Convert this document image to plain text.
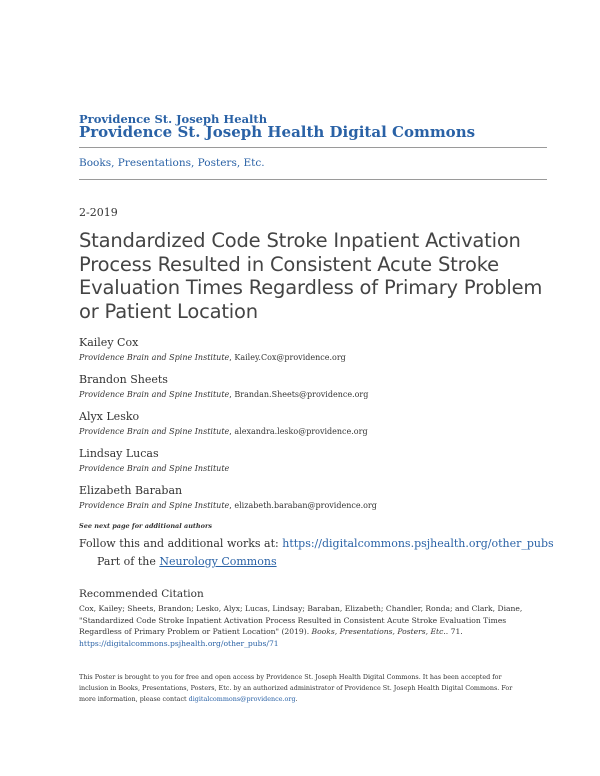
Providence St. Joseph Health
Providence St. Joseph Health Digital Commons
Books, Presentations, Posters, Etc.
2-2019
Standardized Code Stroke Inpatient Activation Process Resulted in Consistent Acute Stroke Evaluation Times Regardless of Primary Problem or Patient Location
Kailey Cox
Providence Brain and Spine Institute, Kailey.Cox@providence.org
Brandon Sheets
Providence Brain and Spine Institute, Brandan.Sheets@providence.org
Alyx Lesko
Providence Brain and Spine Institute, alexandra.lesko@providence.org
Lindsay Lucas
Providence Brain and Spine Institute
Elizabeth Baraban
Providence Brain and Spine Institute, elizabeth.baraban@providence.org
See next page for additional authors
Follow this and additional works at: https://digitalcommons.psjhealth.org/other_pubs
Part of the Neurology Commons
Recommended Citation
Cox, Kailey; Sheets, Brandon; Lesko, Alyx; Lucas, Lindsay; Baraban, Elizabeth; Chandler, Ronda; and Clark, Diane, "Standardized Code Stroke Inpatient Activation Process Resulted in Consistent Acute Stroke Evaluation Times Regardless of Primary Problem or Patient Location" (2019). Books, Presentations, Posters, Etc.. 71.
https://digitalcommons.psjhealth.org/other_pubs/71
This Poster is brought to you for free and open access by Providence St. Joseph Health Digital Commons. It has been accepted for inclusion in Books, Presentations, Posters, Etc. by an authorized administrator of Providence St. Joseph Health Digital Commons. For more information, please contact digitalcommons@providence.org.
